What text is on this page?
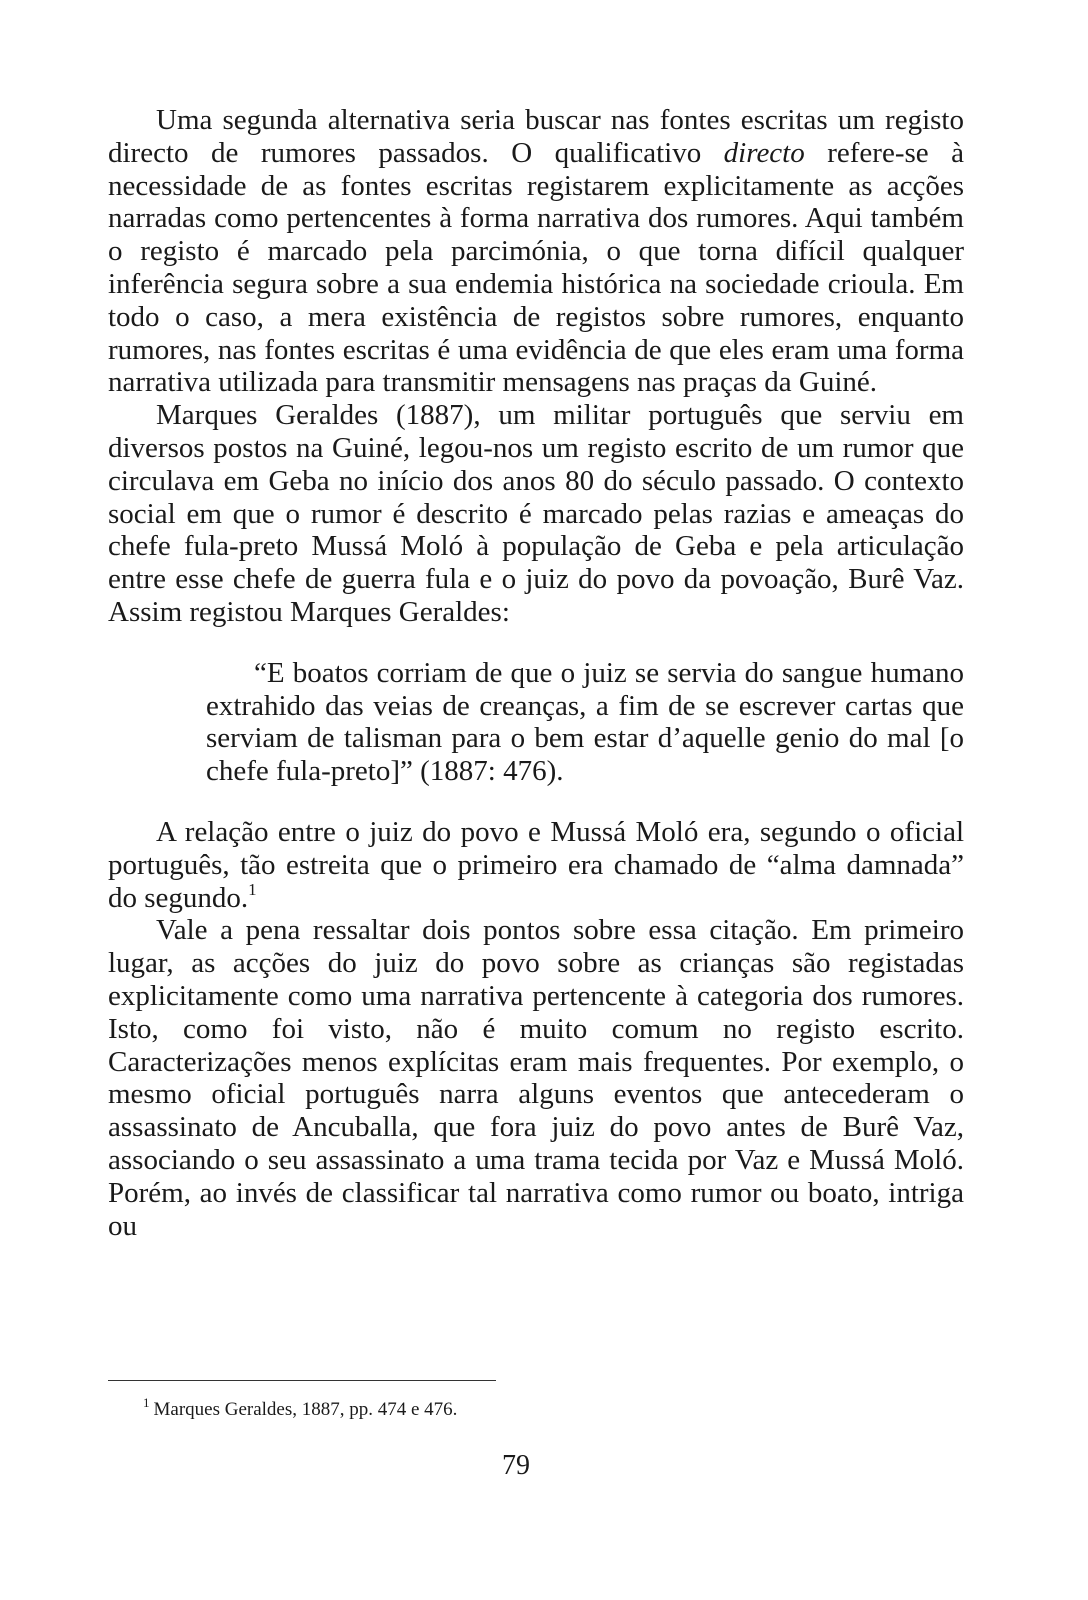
Uma segunda alternativa seria buscar nas fontes escritas um registo directo de rumores passados. O qualificativo directo refere-se à necessidade de as fontes escritas registarem explicitamente as acções narradas como pertencentes à forma narrativa dos rumores. Aqui também o registo é marcado pela parcimónia, o que torna difícil qualquer inferência segura sobre a sua endemia histórica na sociedade crioula. Em todo o caso, a mera existência de registos sobre rumores, enquanto rumores, nas fontes escritas é uma evidência de que eles eram uma forma narrativa utilizada para transmitir mensagens nas praças da Guiné.

Marques Geraldes (1887), um militar português que serviu em diversos postos na Guiné, legou-nos um registo escrito de um rumor que circulava em Geba no início dos anos 80 do século passado. O contexto social em que o rumor é descrito é marcado pelas razias e ameaças do chefe fula-preto Mussá Moló à população de Geba e pela articulação entre esse chefe de guerra fula e o juiz do povo da povoação, Burê Vaz. Assim registou Marques Geraldes:

“E boatos corriam de que o juiz se servia do sangue humano extrahido das veias de creanças, a fim de se escrever cartas que serviam de talisman para o bem estar d’aquelle genio do mal [o chefe fula-preto]” (1887: 476).

A relação entre o juiz do povo e Mussá Moló era, segundo o oficial português, tão estreita que o primeiro era chamado de “alma damnada” do segundo.$^1$

Vale a pena ressaltar dois pontos sobre essa citação. Em primeiro lugar, as acções do juiz do povo sobre as crianças são registadas explicitamente como uma narrativa pertencente à categoria dos rumores. Isto, como foi visto, não é muito comum no registo escrito. Caracterizações menos explícitas eram mais frequentes. Por exemplo, o mesmo oficial português narra alguns eventos que antecederam o assassinato de Ancuballa, que fora juiz do povo antes de Burê Vaz, associando o seu assassinato a uma trama tecida por Vaz e Mussá Moló. Porém, ao invés de classificar tal narrativa como rumor ou boato, intriga ou

$^1$ Marques Geraldes, 1887, pp. 474 e 476.
79
